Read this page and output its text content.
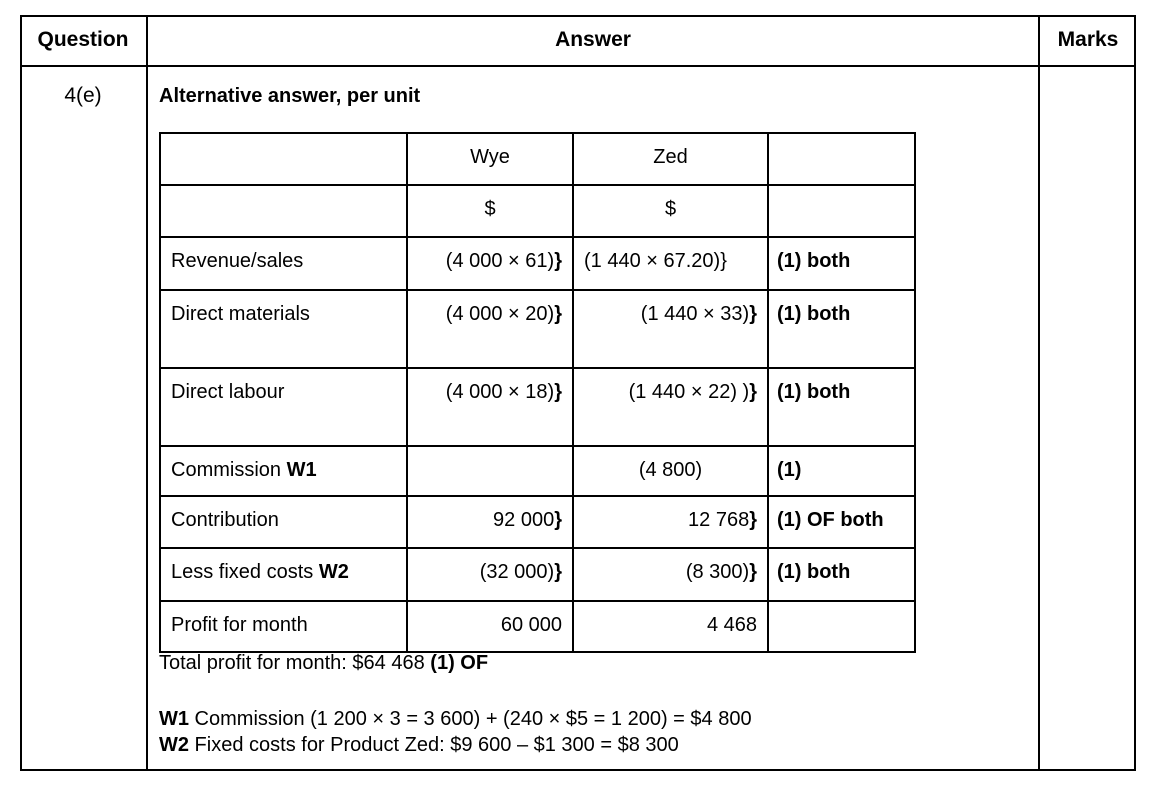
Question	Answer	Marks
4(e)	Alternative answer, per unit

	Wye	Zed	

	$	$	

Revenue/sales	(4 000 × 61)}	(1 440 × 67.20)}	(1) both

Direct materials	(4 000 × 20)}	(1 440 × 33)}	(1) both

Direct labour	(4 000 × 18)}	(1 440 × 22) )}	(1) both

Commission W1		(4 800)	(1)

Contribution	92 000}	12 768}	(1) OF both

Less fixed costs W2	(32 000)}	(8 300)}	(1) both

Profit for month	60 000	4 468	

Total profit for month: $64 468 (1) OF
W1 Commission (1 200 × 3 = 3 600) + (240 × $5 = 1 200) = $4 800
W2 Fixed costs for Product Zed: $9 600 – $1 300 = $8 300
